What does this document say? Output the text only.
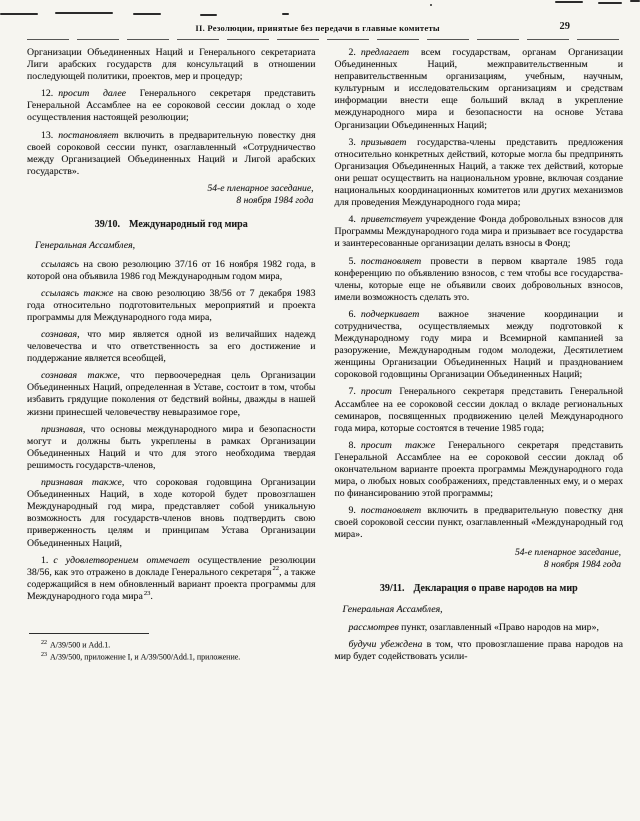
II. Резолюции, принятые без передачи в главные комитеты	29

Организации Объединенных Наций и Генерального секретариата Лиги арабских государств для консультаций в отношении последующей политики, проектов, мер и процедур;

12. просит далее Генерального секретаря представить Генеральной Ассамблее на ее сороковой сессии доклад о ходе осуществления настоящей резолюции;

13. постановляет включить в предварительную повестку дня своей сороковой сессии пункт, озаглавленный «Сотрудничество между Организацией Объединенных Наций и Лигой арабских государств».

54-е пленарное заседание,
8 ноября 1984 года
39/10. Международный год мира

Генеральная Ассамблея,

ссылаясь на свою резолюцию 37/16 от 16 ноября 1982 года, в которой она объявила 1986 год Международным годом мира,

ссылаясь также на свою резолюцию 38/56 от 7 декабря 1983 года относительно подготовительных мероприятий и проекта программы для Международного года мира,

сознавая, что мир является одной из величайших надежд человечества и что ответственность за его достижение и поддержание является всеобщей,

сознавая также, что первоочередная цель Организации Объединенных Наций, определенная в Уставе, состоит в том, чтобы избавить грядущие поколения от бедствий войны, дважды в нашей жизни принесшей человечеству невыразимое горе,

признавая, что основы международного мира и безопасности могут и должны быть укреплены в рамках Организации Объединенных Наций и что для этого необходима твердая решимость государств-членов,

признавая также, что сороковая годовщина Организации Объединенных Наций, в ходе которой будет провозглашен Международный год мира, представляет собой уникальную возможность для государств-членов вновь подтвердить свою приверженность целям и принципам Устава Организации Объединенных Наций,

1. с удовлетворением отмечает осуществление резолюции 38/56, как это отражено в докладе Генерального секретаря$^{22}$, а также содержащийся в нем обновленный вариант проекта программы для Международного года мира$^{23}$.

$^{22}$ A/39/500 и Add.1.

$^{23}$ A/39/500, приложение I, и A/39/500/Add.1, приложение.

2. предлагает всем государствам, органам Организации Объединенных Наций, межправительственным и неправительственным организациям, учебным, научным, культурным и исследовательским организациям и средствам информации внести еще больший вклад в укрепление международного мира и безопасности на основе Устава Организации Объединенных Наций;

3. призывает государства-члены представить предложения относительно конкретных действий, которые могла бы предпринять Организация Объединенных Наций, а также тех действий, которые они решат осуществить на национальном уровне, включая создание национальных координационных комитетов или других механизмов для проведения Международного года мира;

4. приветствует учреждение Фонда добровольных взносов для Программы Международного года мира и призывает все государства и заинтересованные организации делать взносы в Фонд;

5. постановляет провести в первом квартале 1985 года конференцию по объявлению взносов, с тем чтобы все государства-члены, которые еще не объявили своих добровольных взносов, имели возможность сделать это.

6. подчеркивает важное значение координации и сотрудничества, осуществляемых между подготовкой к Международному году мира и Всемирной кампанией за разоружение, Международным годом молодежи, Десятилетием женщины Организации Объединенных Наций и празднованием сороковой годовщины Организации Объединенных Наций;

7. просит Генерального секретаря представить Генеральной Ассамблее на ее сороковой сессии доклад о вкладе региональных семинаров, посвященных продвижению целей Международного года мира, которые состоятся в течение 1985 года;

8. просит также Генерального секретаря представить Генеральной Ассамблее на ее сороковой сессии доклад об окончательном варианте проекта программы Международного года мира, о любых новых соображениях, представленных ему, и о мерах по финансированию этой программы;

9. постановляет включить в предварительную повестку дня своей сороковой сессии пункт, озаглавленный «Международный год мира».

54-е пленарное заседание,
8 ноября 1984 года
39/11. Декларация о праве народов на мир

Генеральная Ассамблея,

рассмотрев пункт, озаглавленный «Право народов на мир»,

будучи убеждена в том, что провозглашение права народов на мир будет содействовать усили-
